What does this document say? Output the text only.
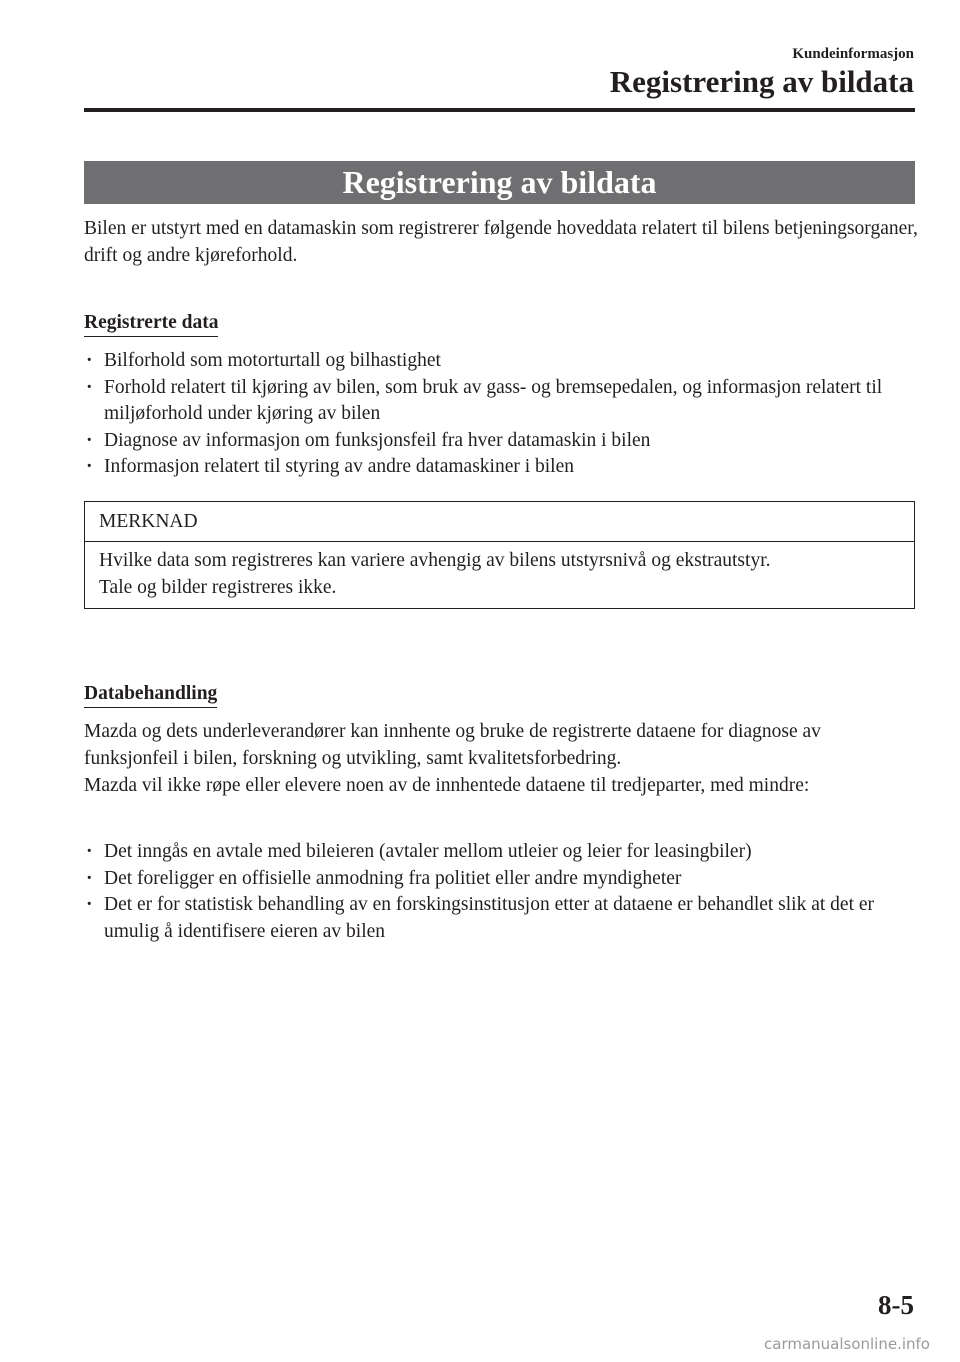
Kundeinformasjon
Registrering av bildata
Registrering av bildata
Bilen er utstyrt med en datamaskin som registrerer følgende hoveddata relatert til bilens betjeningsorganer, drift og andre kjøreforhold.
Registrerte data
· Bilforhold som motorturtall og bilhastighet
· Forhold relatert til kjøring av bilen, som bruk av gass- og bremsepedalen, og informasjon relatert til miljøforhold under kjøring av bilen
· Diagnose av informasjon om funksjonsfeil fra hver datamaskin i bilen
· Informasjon relatert til styring av andre datamaskiner i bilen
MERKNAD
Hvilke data som registreres kan variere avhengig av bilens utstyrsnivå og ekstrautstyr.
Tale og bilder registreres ikke.
Databehandling
Mazda og dets underleverandører kan innhente og bruke de registrerte dataene for diagnose av funksjonfeil i bilen, forskning og utvikling, samt kvalitetsforbedring.
Mazda vil ikke røpe eller elevere noen av de innhentede dataene til tredjeparter, med mindre:
· Det inngås en avtale med bileieren (avtaler mellom utleier og leier for leasingbiler)
· Det foreligger en offisielle anmodning fra politiet eller andre myndigheter
· Det er for statistisk behandling av en forskingsinstitusjon etter at dataene er behandlet slik at det er umulig å identifisere eieren av bilen
8-5
carmanualsonline.info
